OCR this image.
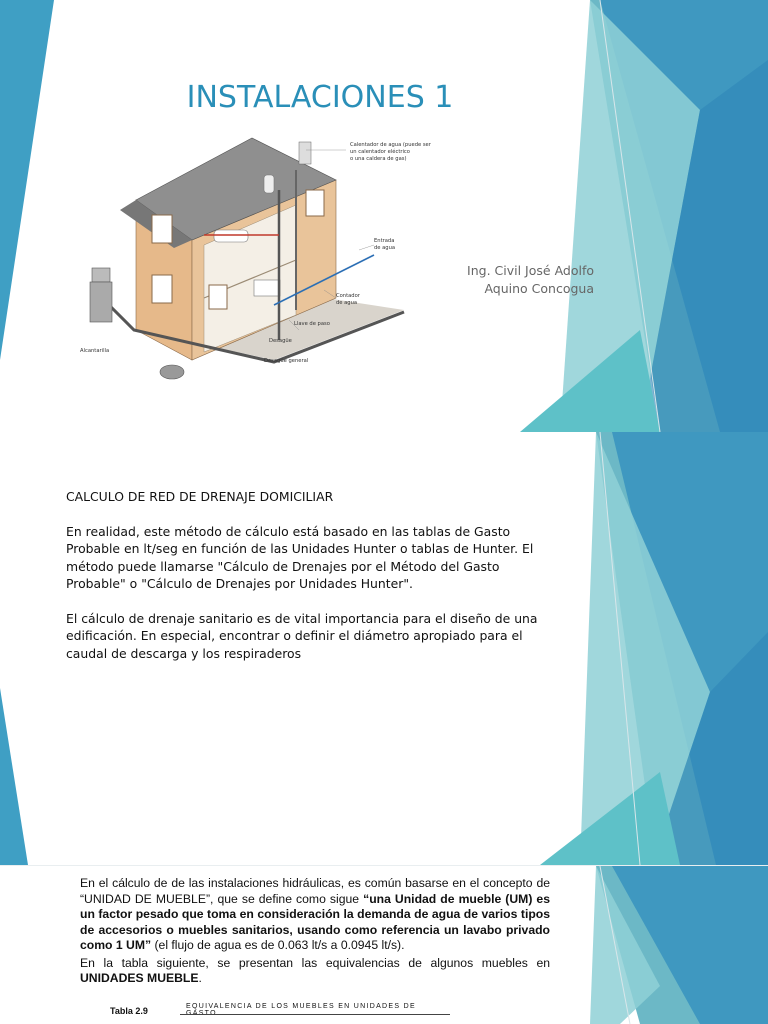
INSTALACIONES 1
Calentador de agua (puede ser
un calentador eléctrico
o una caldera de gas)
Entrada
de agua
Contador
de agua
Llave de paso
Desagüe
Desagüe general
Alcantarilla
Ing. Civil José Adolfo
Aquino Concogua

CALCULO DE RED DE DRENAJE DOMICILIAR

En realidad, este método de cálculo está basado en las tablas de Gasto Probable en lt/seg en función de las Unidades Hunter o tablas de Hunter. El método puede llamarse "Cálculo de Drenajes por el Método del Gasto Probable" o "Cálculo de Drenajes por Unidades Hunter".

El cálculo de drenaje sanitario es de vital importancia para el diseño de una edificación. En especial, encontrar o definir el diámetro apropiado para el caudal de descarga y los respiraderos

En el cálculo de de las instalaciones hidráulicas, es común basarse en el concepto de “UNIDAD DE MUEBLE”, que se define como sigue “una Unidad de mueble (UM) es un factor pesado que toma en consideración la demanda de agua de varios tipos de accesorios o muebles sanitarios, usando como referencia un lavabo privado como 1 UM” (el flujo de agua es de 0.063 lt/s a 0.0945 lt/s).

En la tabla siguiente, se presentan las equivalencias de algunos muebles en UNIDADES MUEBLE.

Tabla 2.9	EQUIVALENCIA DE LOS MUEBLES EN UNIDADES DE
